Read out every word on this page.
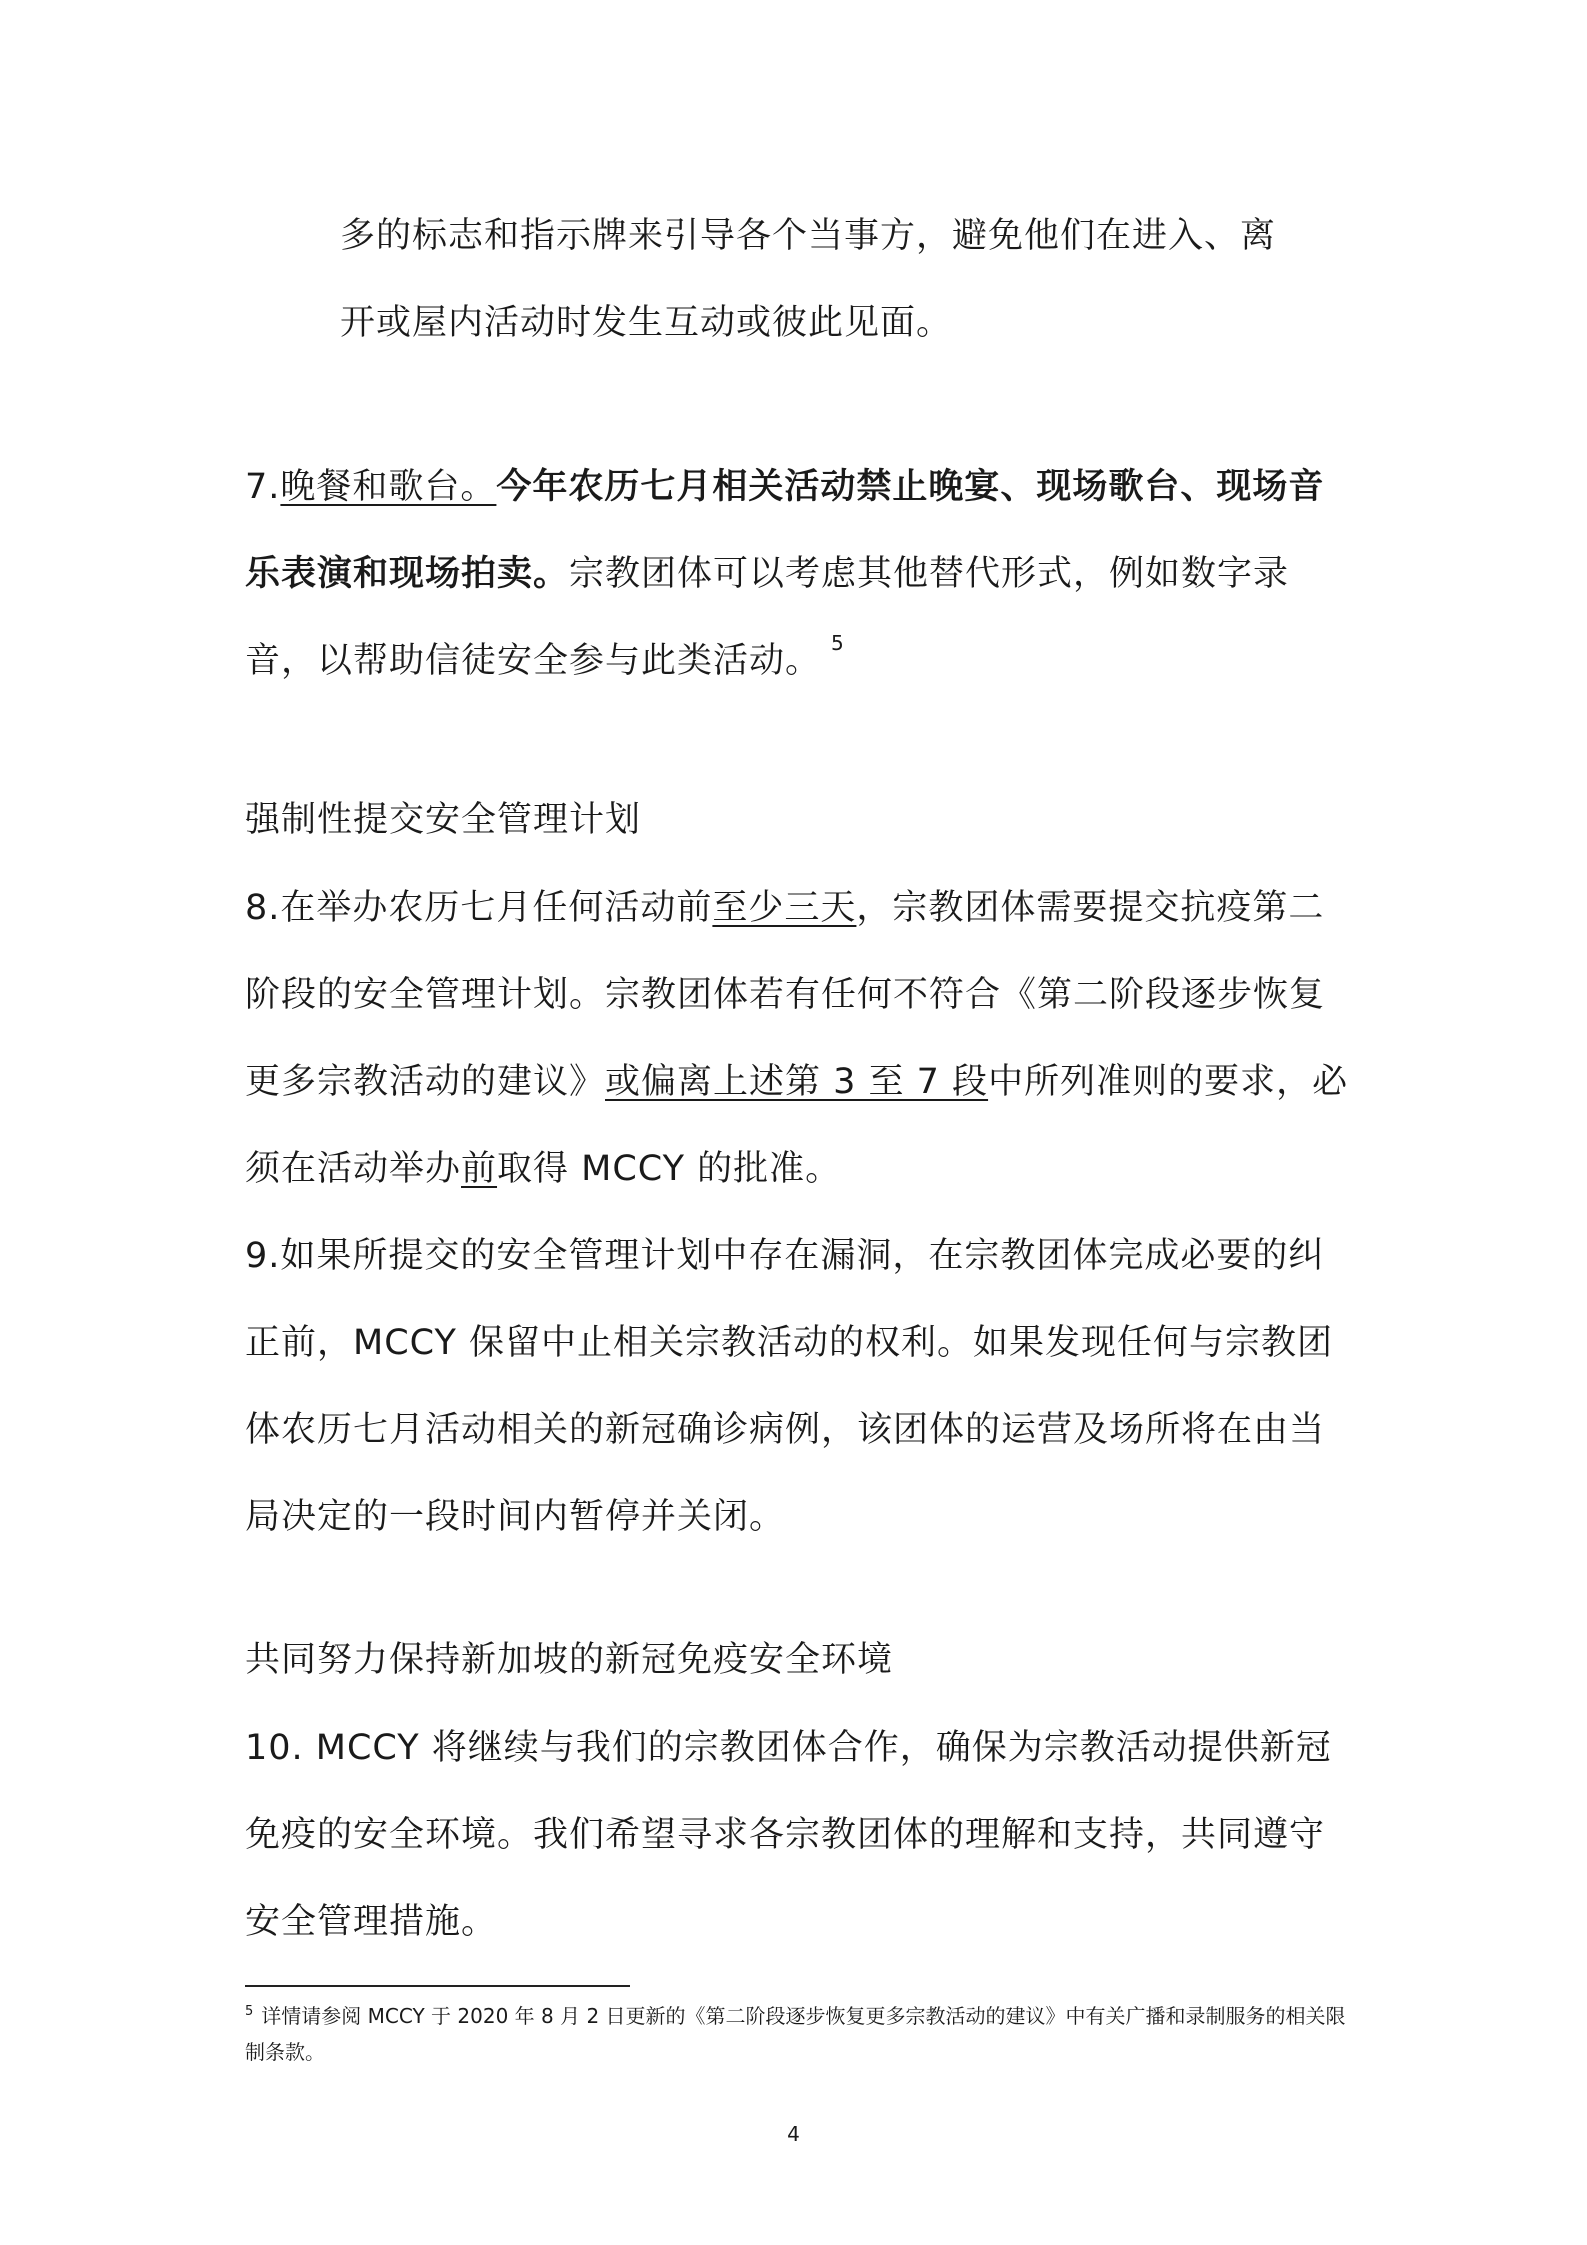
多的标志和指示牌来引导各个当事方，避免他们在进入、离
开或屋内活动时发生互动或彼此见面。

7.晚餐和歌台。今年农历七月相关活动禁止晚宴、现场歌台、现场音乐表演和现场拍卖。宗教团体可以考虑其他替代形式，例如数字录音，以帮助信徒安全参与此类活动。 $^5$

强制性提交安全管理计划

8.在举办农历七月任何活动前至少三天，宗教团体需要提交抗疫第二阶段的安全管理计划。宗教团体若有任何不符合《第二阶段逐步恢复更多宗教活动的建议》或偏离上述第 3 至 7 段中所列准则的要求，必须在活动举办前取得 MCCY 的批准。

9.如果所提交的安全管理计划中存在漏洞，在宗教团体完成必要的纠正前，MCCY 保留中止相关宗教活动的权利。如果发现任何与宗教团体农历七月活动相关的新冠确诊病例，该团体的运营及场所将在由当局决定的一段时间内暂停并关闭。

共同努力保持新加坡的新冠免疫安全环境

10. MCCY 将继续与我们的宗教团体合作，确保为宗教活动提供新冠免疫的安全环境。我们希望寻求各宗教团体的理解和支持，共同遵守安全管理措施。

$^5$ 详情请参阅 MCCY 于 2020 年 8 月 2 日更新的《第二阶段逐步恢复更多宗教活动的建议》中有关广播和录制服务的相关限制条款。

4
